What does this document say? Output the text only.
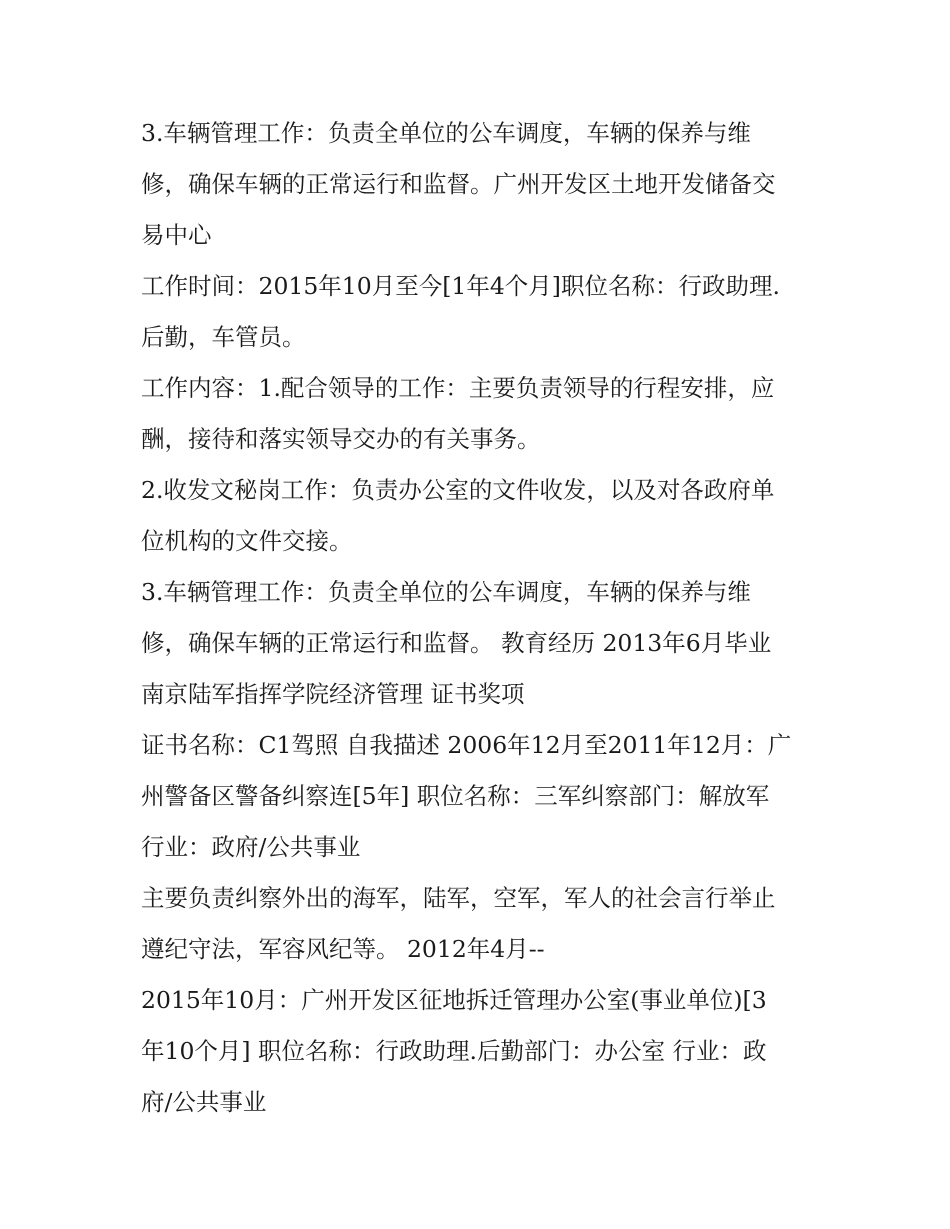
3.车辆管理工作：负责全单位的公车调度，车辆的保养与维
修，确保车辆的正常运行和监督。广州开发区土地开发储备交
易中心
工作时间：2015年10月至今[1年4个月]职位名称：行政助理.
后勤，车管员。
工作内容：1.配合领导的工作：主要负责领导的行程安排，应
酬，接待和落实领导交办的有关事务。
2.收发文秘岗工作：负责办公室的文件收发，以及对各政府单
位机构的文件交接。
3.车辆管理工作：负责全单位的公车调度，车辆的保养与维
修，确保车辆的正常运行和监督。 教育经历 2013年6月毕业
南京陆军指挥学院经济管理 证书奖项
证书名称：C1驾照 自我描述 2006年12月至2011年12月：广
州警备区警备纠察连[5年] 职位名称：三军纠察部门：解放军
行业：政府/公共事业
主要负责纠察外出的海军，陆军，空军，军人的社会言行举止
遵纪守法，军容风纪等。 2012年4月--
2015年10月：广州开发区征地拆迁管理办公室(事业单位)[3
年10个月] 职位名称：行政助理.后勤部门：办公室 行业：政
府/公共事业
